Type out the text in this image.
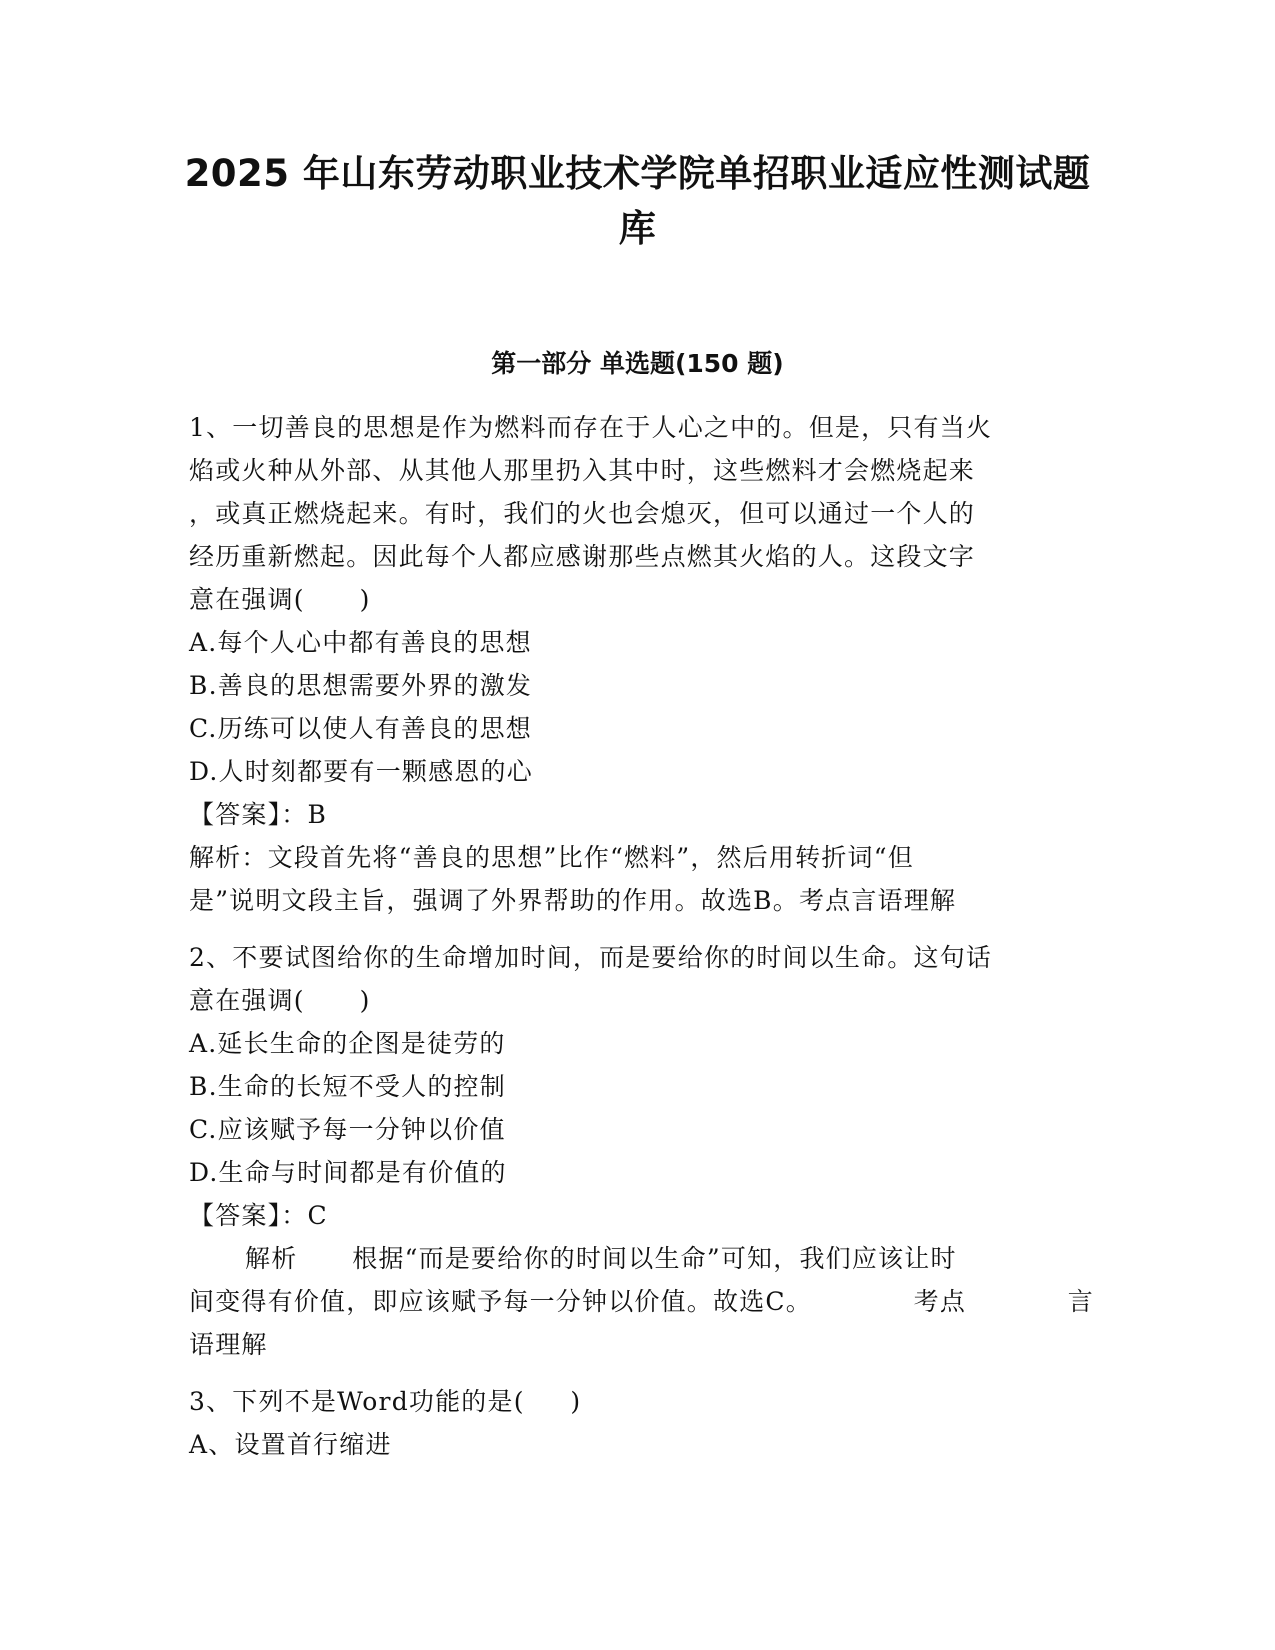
2025 年山东劳动职业技术学院单招职业适应性测试题
库
第一部分 单选题(150 题)
1、一切善良的思想是作为燃料而存在于人心之中的。但是，只有当火
焰或火种从外部、从其他人那里扔入其中时，这些燃料才会燃烧起来
，或真正燃烧起来。有时，我们的火也会熄灭，但可以通过一个人的
经历重新燃起。因此每个人都应感谢那些点燃其火焰的人。这段文字
意在强调(      )
A.每个人心中都有善良的思想
B.善良的思想需要外界的激发
C.历练可以使人有善良的思想
D.人时刻都要有一颗感恩的心
【答案】：B
解析：文段首先将“善良的思想”比作“燃料”，然后用转折词“但
是”说明文段主旨，强调了外界帮助的作用。故选B。考点言语理解
2、不要试图给你的生命增加时间，而是要给你的时间以生命。这句话
意在强调(      )
A.延长生命的企图是徒劳的
B.生命的长短不受人的控制
C.应该赋予每一分钟以价值
D.生命与时间都是有价值的
【答案】：C
解析      根据“而是要给你的时间以生命”可知，我们应该让时
间变得有价值，即应该赋予每一分钟以价值。故选C。	考点	言
语理解
3、下列不是Word功能的是(     )
A、设置首行缩进
